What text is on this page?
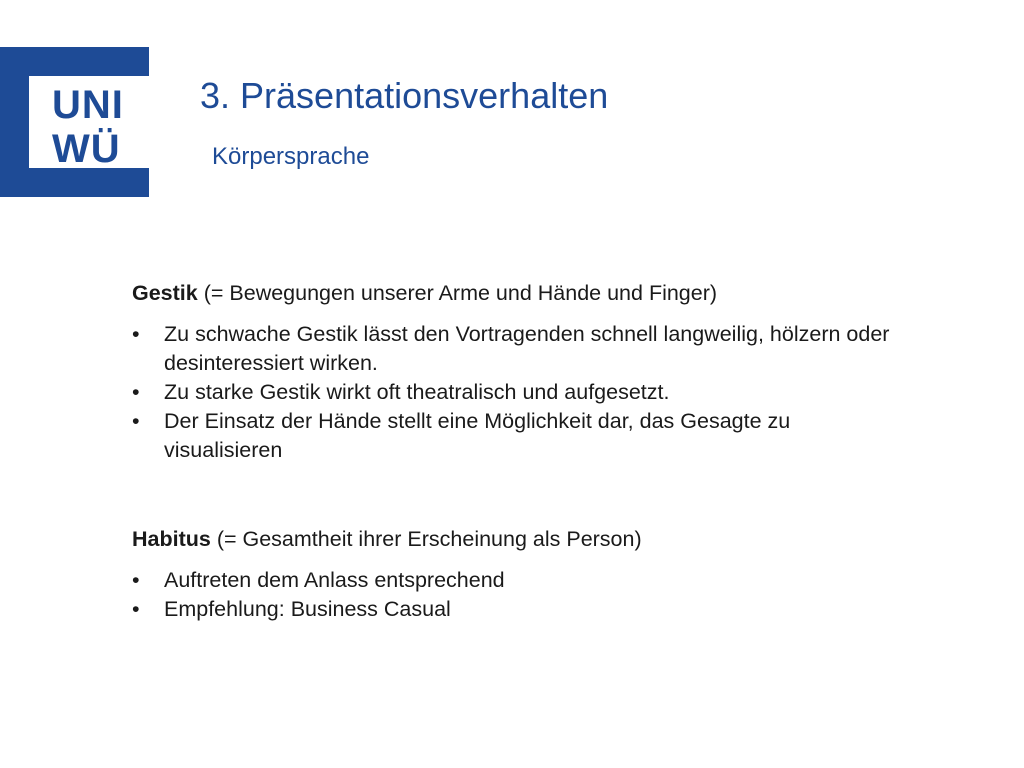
UNI
WÜ
3. Präsentationsverhalten
Körpersprache

Gestik (= Bewegungen unserer Arme und Hände und Finger)

• Zu schwache Gestik lässt den Vortragenden schnell langweilig, hölzern oder desinteressiert wirken.
• Zu starke Gestik wirkt oft theatralisch und aufgesetzt.
• Der Einsatz der Hände stellt eine Möglichkeit dar, das Gesagte zu visualisieren

Habitus (= Gesamtheit ihrer Erscheinung als Person)

• Auftreten dem Anlass entsprechend
• Empfehlung: Business Casual
